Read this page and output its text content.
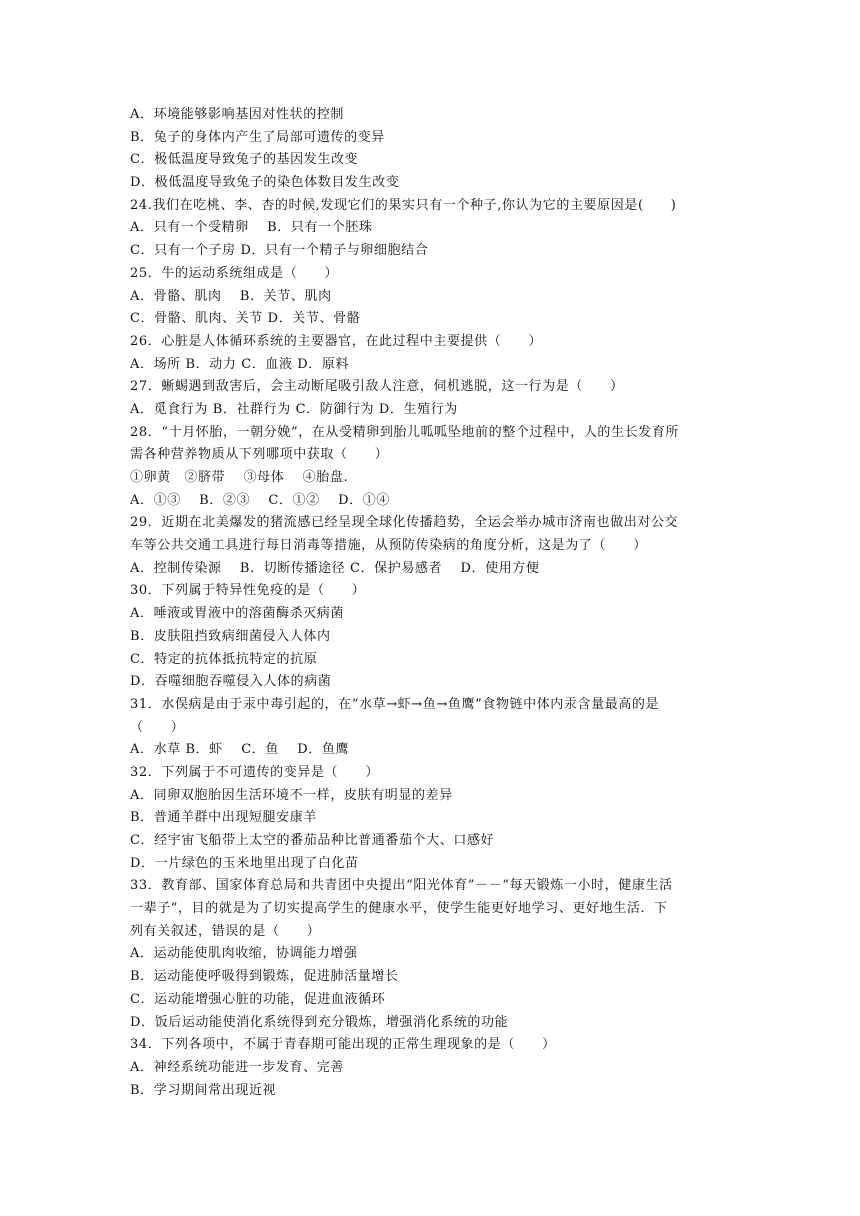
A．环境能够影响基因对性状的控制
B．兔子的身体内产生了局部可遗传的变异
C．极低温度导致兔子的基因发生改变
D．极低温度导致兔子的染色体数目发生改变
24.我们在吃桃、李、杏的时候,发现它们的果实只有一个种子,你认为它的主要原因是(　　)
A．只有一个受精卵　 B．只有一个胚珠
C．只有一个子房 D．只有一个精子与卵细胞结合
25．牛的运动系统组成是（　　）
A．骨骼、肌肉　 B．关节、肌肉
C．骨骼、肌肉、关节 D．关节、骨骼
26．心脏是人体循环系统的主要器官，在此过程中主要提供（　　）
A．场所 B．动力 C．血液 D．原料
27．蜥蜴遇到敌害后，会主动断尾吸引敌人注意，伺机逃脱，这一行为是（　　）
A．觅食行为 B．社群行为 C．防御行为 D．生殖行为
28．“十月怀胎，一朝分娩”，在从受精卵到胎儿呱呱坠地前的整个过程中，人的生长发育所
需各种营养物质从下列哪项中获取（　　）
①卵黄　②脐带　 ③母体　 ④胎盘.
A．①③　 B．②③　 C．①②　 D．①④
29．近期在北美爆发的猪流感已经呈现全球化传播趋势，全运会举办城市济南也做出对公交
车等公共交通工具进行每日消毒等措施，从预防传染病的角度分析，这是为了（　　）
A．控制传染源　 B．切断传播途径 C．保护易感者　 D．使用方便
30．下列属于特异性免疫的是（　　）
A．唾液或胃液中的溶菌酶杀灭病菌
B．皮肤阻挡致病细菌侵入人体内
C．特定的抗体抵抗特定的抗原
D．吞噬细胞吞噬侵入人体的病菌
31．水俣病是由于汞中毒引起的，在“水草→虾→鱼→鱼鹰”食物链中体内汞含量最高的是
（　　）
A．水草 B．虾　 C．鱼　 D．鱼鹰
32．下列属于不可遗传的变异是（　　）
A．同卵双胞胎因生活环境不一样，皮肤有明显的差异
B．普通羊群中出现短腿安康羊
C．经宇宙飞船带上太空的番茄品种比普通番茄个大、口感好
D．一片绿色的玉米地里出现了白化苗
33．教育部、国家体育总局和共青团中央提出“阳光体育”－－“每天锻炼一小时，健康生活
一辈子”，目的就是为了切实提高学生的健康水平，使学生能更好地学习、更好地生活．下
列有关叙述，错误的是（　　）
A．运动能使肌肉收缩，协调能力增强
B．运动能使呼吸得到锻炼，促进肺活量增长
C．运动能增强心脏的功能，促进血液循环
D．饭后运动能使消化系统得到充分锻炼，增强消化系统的功能
34．下列各项中，不属于青春期可能出现的正常生理现象的是（　　）
A．神经系统功能进一步发育、完善
B．学习期间常出现近视
